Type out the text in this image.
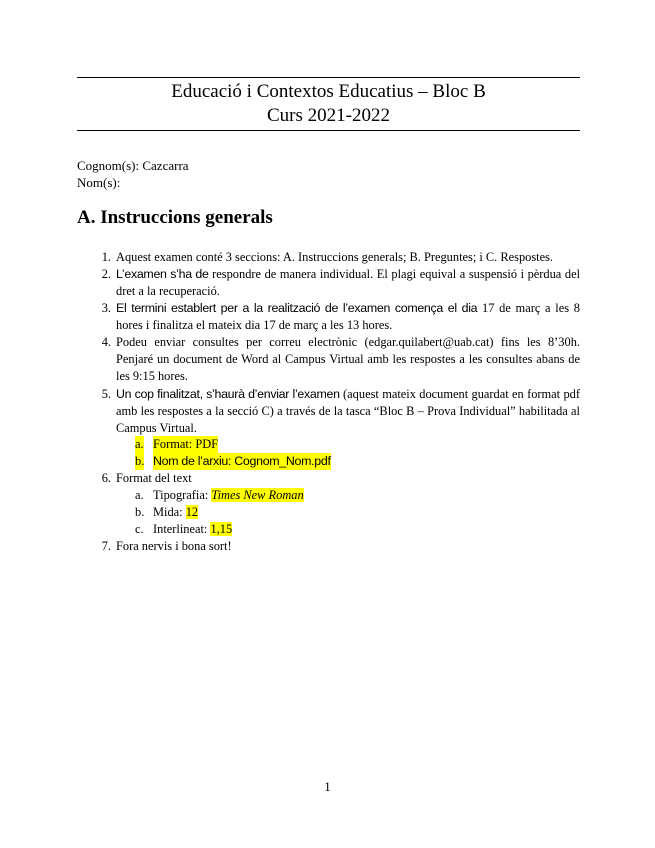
Educació i Contextos Educatius – Bloc B
Curs 2021-2022
Cognom(s): Cazcarra
Nom(s):
A. Instruccions generals
1. Aquest examen conté 3 seccions: A. Instruccions generals; B. Preguntes; i C. Respostes.
2. L’examen s’ha de respondre de manera individual. El plagi equival a suspensió i pèrdua del dret a la recuperació.
3. El termini establert per a la realització de l’examen comença el dia 17 de març a les 8 hores i finalitza el mateix dia 17 de març a les 13 hores.
4. Podeu enviar consultes per correu electrònic (edgar.quilabert@uab.cat) fins les 8’30h. Penjaré un document de Word al Campus Virtual amb les respostes a les consultes abans de les 9:15 hores.
5. Un cop finalitzat, s’haurà d’enviar l’examen (aquest mateix document guardat en format pdf amb les respostes a la secció C) a través de la tasca “Bloc B – Prova Individual” habilitada al Campus Virtual.
a. Format: PDF
b. Nom de l’arxiu: Cognom_Nom.pdf
6. Format del text
a. Tipografia: Times New Roman
b. Mida: 12
c. Interlineat: 1,15
7. Fora nervis i bona sort!
1
